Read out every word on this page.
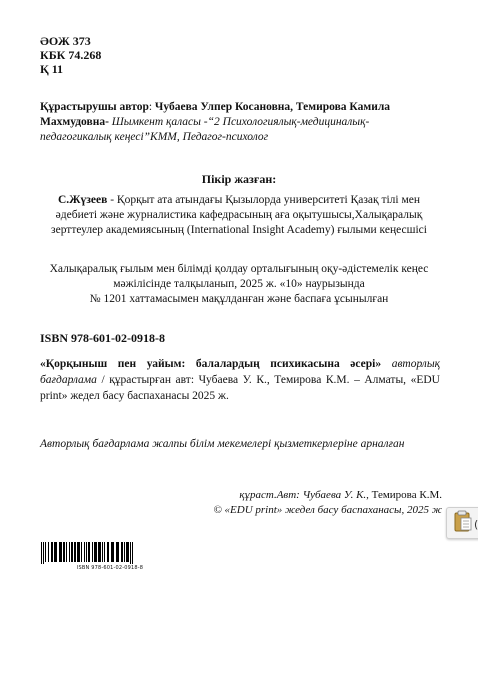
ӘОЖ 373
КБК 74.268
Қ 11
Құрастырушы автор: Чубаева Улпер Косановна, Темирова Камила Махмудовна- Шымкент қаласы -“2 Психологиялық-медициналық-педагогикалық кеңесі”КММ, Педагог-психолог
Пікір жазған:
С.Жүзеев - Қорқыт ата атындағы Қызылорда университеті Қазақ тілі мен әдебиеті және журналистика кафедрасының аға оқытушысы,Халықаралық зерттеулер академиясының (International Insight Academy) ғылыми кеңесшісі
Халықаралық ғылым мен білімді қолдау орталығының оқу-әдістемелік кеңес мәжілісінде талқыланып, 2025 ж. «10» наурызында
№ 1201 хаттамасымен мақұлданған және баспаға ұсынылған
ISBN 978-601-02-0918-8
«Қорқыныш пен уайым: балалардың психикасына әсері» авторлық бағдарлама / құрастырған авт: Чубаева У. К., Темирова К.М. – Алматы, «EDU print» жедел басу баспаханасы 2025 ж.
Авторлық бағдарлама жалпы білім мекемелері қызметкерлеріне арналған
құраст.Авт: Чубаева У. К., Темирова К.М.
© «EDU print» жедел басу баспаханасы, 2025 ж
(
ISBN 978-601-02-0918-8
